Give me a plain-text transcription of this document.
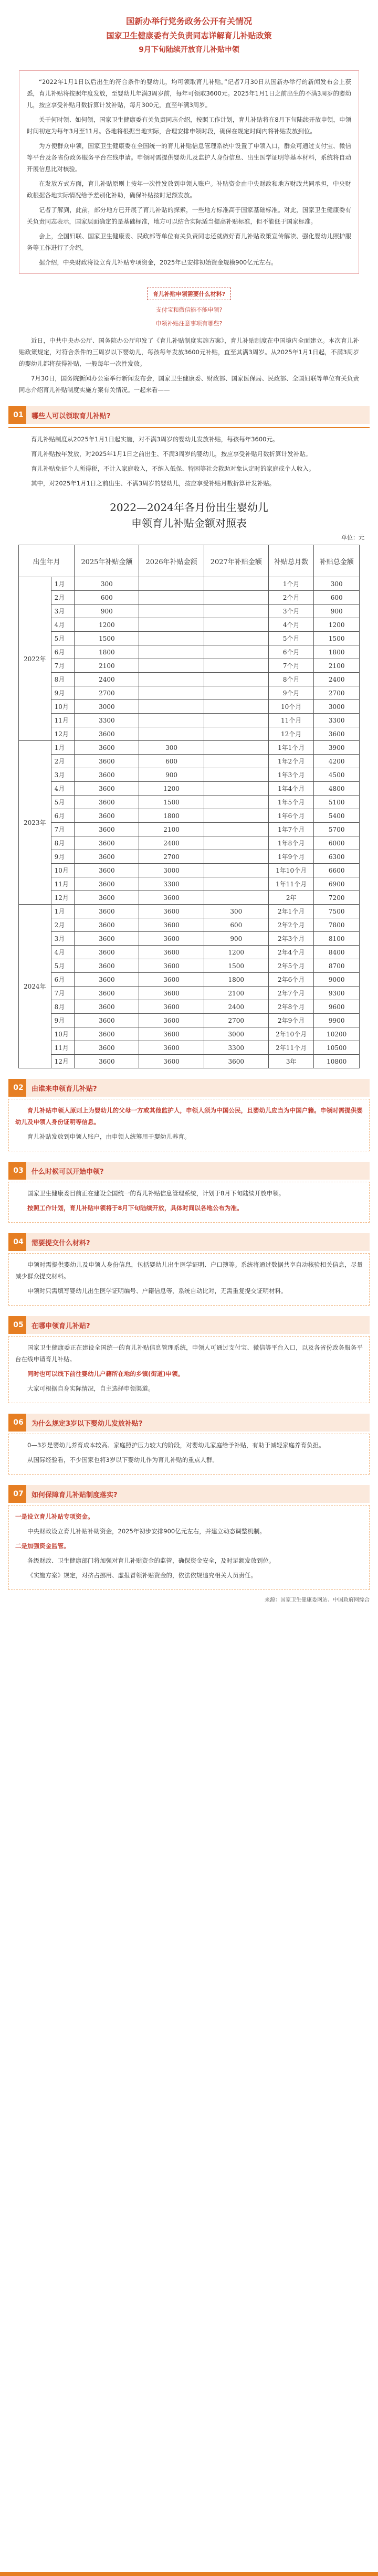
国新办举行党务政务公开有关情况
国家卫生健康委有关负责同志详解育儿补贴政策
9月下旬陆续开放育儿补贴申领

“2022年1月1日以后出生的符合条件的婴幼儿，均可领取育儿补贴。”记者7月30日从国新办举行的新闻发布会上获悉，育儿补贴将按照年度发放，至婴幼儿年满3周岁前，每年可领取3600元。2025年1月1日之前出生的不满3周岁的婴幼儿，按应享受补贴月数折算计发补贴，每月300元，直至年满3周岁。

关于何时领、如何领，国家卫生健康委有关负责同志介绍，按照工作计划，育儿补贴将在8月下旬陆续开放申领，申领时间初定为每年3月至11月。各地将根据当地实际，合理安排申领时段，确保在规定时间内将补贴发放到位。

为方便群众申领，国家卫生健康委在全国统一的育儿补贴信息管理系统中设置了申领入口，群众可通过支付宝、微信等平台及各省份政务服务平台在线申请。申领时需提供婴幼儿及监护人身份信息、出生医学证明等基本材料，系统将自动开展信息比对核验。

在发放方式方面，育儿补贴原则上按年一次性发放到申领人账户。补贴资金由中央财政和地方财政共同承担，中央财政根据各地实际情况给予差别化补助，确保补贴按时足额发放。

记者了解到，此前，部分地方已开展了育儿补贴的探索，一些地方标准高于国家基础标准。对此，国家卫生健康委有关负责同志表示，国家层面确定的是基础标准，地方可以结合实际适当提高补贴标准，但不能低于国家标准。

会上，全国妇联、国家卫生健康委、民政部等单位有关负责同志还就做好育儿补贴政策宣传解读、强化婴幼儿照护服务等工作进行了介绍。

据介绍，中央财政将设立育儿补贴专项资金，2025年已安排初始资金规模900亿元左右。

育儿补贴申领需要什么材料?
支付宝和微信能不能申领?
申领补贴注意事项有哪些?

近日，中共中央办公厅、国务院办公厅印发了《育儿补贴制度实施方案》，育儿补贴制度在中国境内全面建立。本次育儿补贴政策规定，对符合条件的三周岁以下婴幼儿，每孩每年发放3600元补贴，直至其满3周岁。从2025年1月1日起，不满3周岁的婴幼儿都将获得补贴，一般每年一次性发放。

7月30日，国务院新闻办公室举行新闻发布会，国家卫生健康委、财政部、国家医保局、民政部、全国妇联等单位有关负责同志介绍育儿补贴制度实施方案有关情况。一起来看——

01	哪些人可以领取育儿补贴?

育儿补贴制度从2025年1月1日起实施，对不满3周岁的婴幼儿发放补贴，每孩每年3600元。

育儿补贴按年发放，对2025年1月1日之前出生、不满3周岁的婴幼儿，按应享受补贴月数折算计发补贴。

育儿补贴免征个人所得税，不计入家庭收入，不纳入低保、特困等社会救助对象认定时的家庭或个人收入。

其中，对2025年1月1日之前出生、不满3周岁的婴幼儿，按应享受补贴月数折算计发补贴。

2022—2024年各月份出生婴幼儿
申领育儿补贴金额对照表
单位：元
出生年月		2025年补贴金额	2026年补贴金额	2027年补贴金额	补贴总月数	补贴总金额
2022年	1月	300			1个月	300
	2月	600			2个月	600
	3月	900			3个月	900
	4月	1200			4个月	1200
	5月	1500			5个月	1500
	6月	1800			6个月	1800
	7月	2100			7个月	2100
	8月	2400			8个月	2400
	9月	2700			9个月	2700
	10月	3000			10个月	3000
	11月	3300			11个月	3300
	12月	3600			12个月	3600
2023年	1月	3600	300		1年1个月	3900
	2月	3600	600		1年2个月	4200
	3月	3600	900		1年3个月	4500
	4月	3600	1200		1年4个月	4800
	5月	3600	1500		1年5个月	5100
	6月	3600	1800		1年6个月	5400
	7月	3600	2100		1年7个月	5700
	8月	3600	2400		1年8个月	6000
	9月	3600	2700		1年9个月	6300
	10月	3600	3000		1年10个月	6600
	11月	3600	3300		1年11个月	6900
	12月	3600	3600		2年	7200
2024年	1月	3600	3600	300	2年1个月	7500
	2月	3600	3600	600	2年2个月	7800
	3月	3600	3600	900	2年3个月	8100
	4月	3600	3600	1200	2年4个月	8400
	5月	3600	3600	1500	2年5个月	8700
	6月	3600	3600	1800	2年6个月	9000
	7月	3600	3600	2100	2年7个月	9300
	8月	3600	3600	2400	2年8个月	9600
	9月	3600	3600	2700	2年9个月	9900
	10月	3600	3600	3000	2年10个月	10200
	11月	3600	3600	3300	2年11个月	10500
	12月	3600	3600	3600	3年	10800
02	由谁来申领育儿补贴?

育儿补贴申领人原则上为婴幼儿的父母一方或其他监护人，申领人须为中国公民，且婴幼儿应当为中国户籍。申领时需提供婴幼儿及申领人身份证明等信息。

育儿补贴发放到申领人账户，由申领人统筹用于婴幼儿养育。

03	什么时候可以开始申领?

国家卫生健康委目前正在建设全国统一的育儿补贴信息管理系统，计划于8月下旬陆续开放申领。

按照工作计划，育儿补贴申领将于8月下旬陆续开放，具体时间以各地公布为准。

04	需要提交什么材料?

申领时需提供婴幼儿及申领人身份信息，包括婴幼儿出生医学证明、户口簿等。系统将通过数据共享自动核验相关信息，尽量减少群众提交材料。

申领时只需填写婴幼儿出生医学证明编号、户籍信息等，系统自动比对，无需重复提交证明材料。

05	在哪申领育儿补贴?

国家卫生健康委正在建设全国统一的育儿补贴信息管理系统，申领人可通过支付宝、微信等平台入口，以及各省份政务服务平台在线申请育儿补贴。

同时也可以线下前往婴幼儿户籍所在地的乡镇(街道)申领。

大家可根据自身实际情况，自主选择申领渠道。

06	为什么规定3岁以下婴幼儿发放补贴?

0—3岁是婴幼儿养育成本较高、家庭照护压力较大的阶段，对婴幼儿家庭给予补贴，有助于减轻家庭养育负担。

从国际经验看，不少国家也将3岁以下婴幼儿作为育儿补贴的重点人群。

07	如何保障育儿补贴制度落实?

一是设立育儿补贴专项资金。

中央财政设立育儿补贴补助资金，2025年初步安排900亿元左右，并建立动态调整机制。

二是加强资金监管。

各级财政、卫生健康部门将加强对育儿补贴资金的监管，确保资金安全，及时足额发放到位。

《实施方案》规定，对挤占挪用、虚报冒领补贴资金的，依法依规追究相关人员责任。

来源：国家卫生健康委网站、中国政府网综合
